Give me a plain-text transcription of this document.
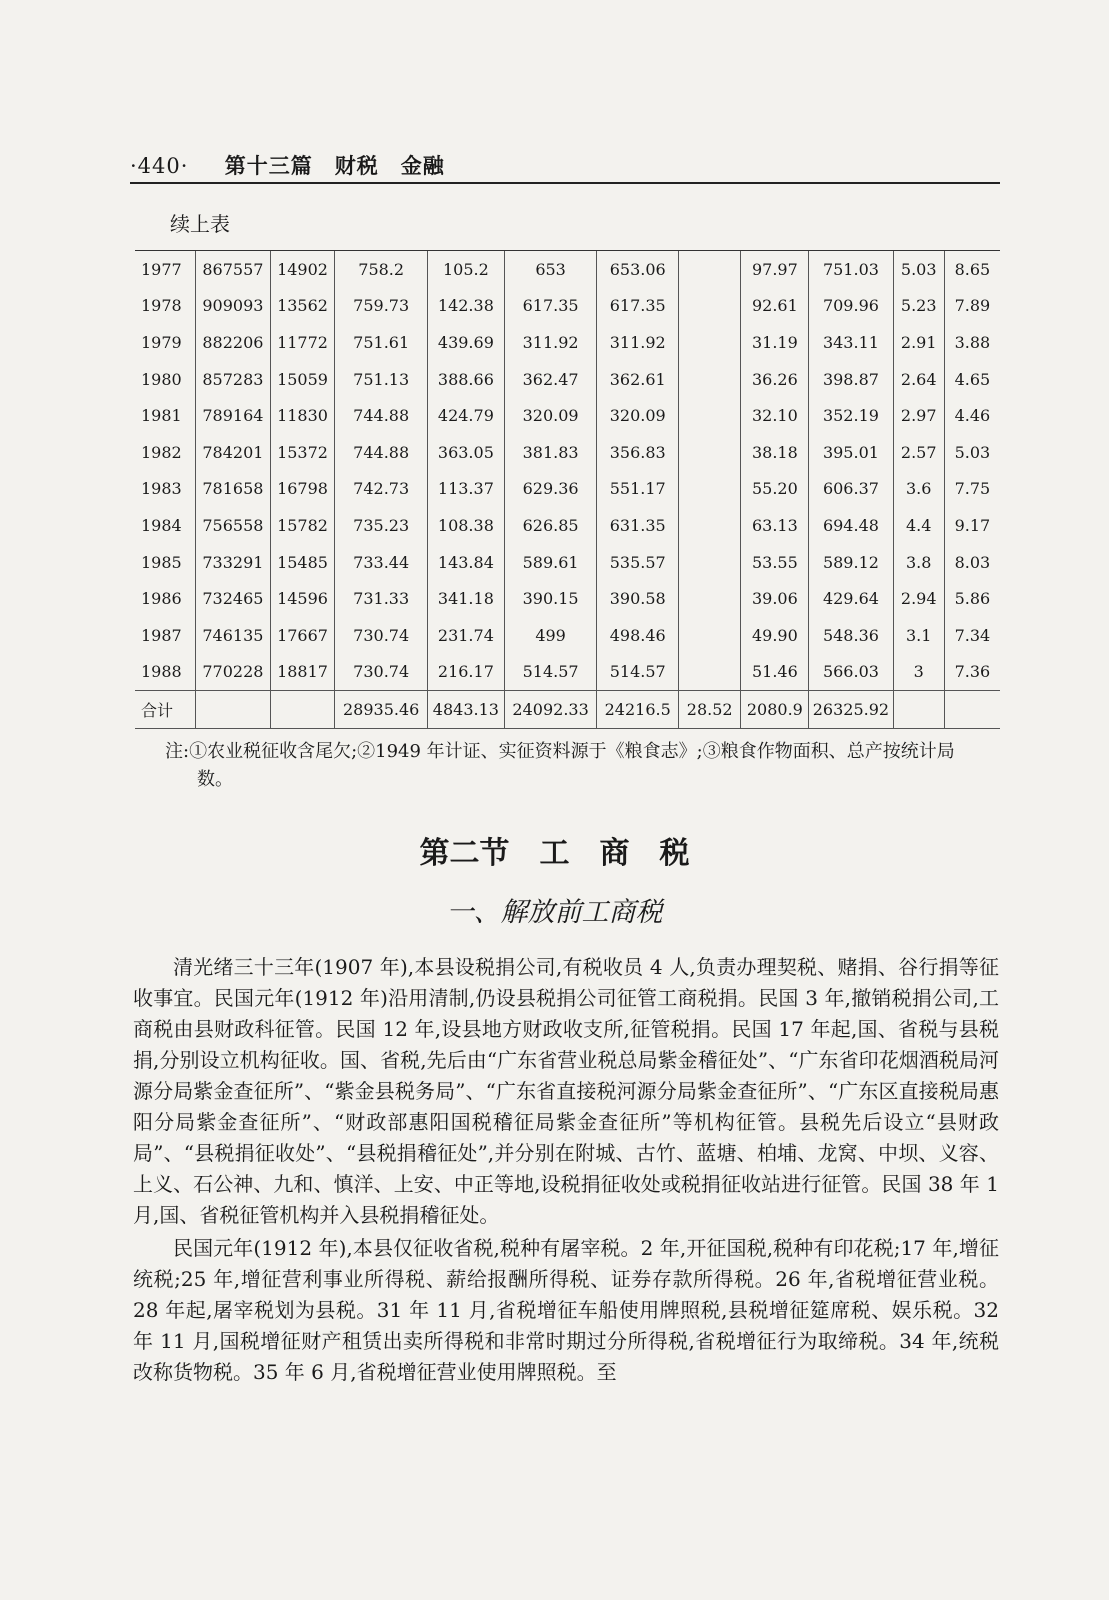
·440· 第十三篇　财税　金融
续上表
1977	867557	14902	758.2	105.2	653	653.06		97.97	751.03	5.03	8.65
1978	909093	13562	759.73	142.38	617.35	617.35		92.61	709.96	5.23	7.89
1979	882206	11772	751.61	439.69	311.92	311.92		31.19	343.11	2.91	3.88
1980	857283	15059	751.13	388.66	362.47	362.61		36.26	398.87	2.64	4.65
1981	789164	11830	744.88	424.79	320.09	320.09		32.10	352.19	2.97	4.46
1982	784201	15372	744.88	363.05	381.83	356.83		38.18	395.01	2.57	5.03
1983	781658	16798	742.73	113.37	629.36	551.17		55.20	606.37	3.6	7.75
1984	756558	15782	735.23	108.38	626.85	631.35		63.13	694.48	4.4	9.17
1985	733291	15485	733.44	143.84	589.61	535.57		53.55	589.12	3.8	8.03
1986	732465	14596	731.33	341.18	390.15	390.58		39.06	429.64	2.94	5.86
1987	746135	17667	730.74	231.74	499	498.46		49.90	548.36	3.1	7.34
1988	770228	18817	730.74	216.17	514.57	514.57		51.46	566.03	3	7.36
合计			28935.46	4843.13	24092.33	24216.5	28.52	2080.9	26325.92		
注:①农业税征收含尾欠;②1949 年计证、实征资料源于《粮食志》;③粮食作物面积、总产按统计局
数。
第二节　工　商　税
一、解放前工商税

清光绪三十三年(1907 年),本县设税捐公司,有税收员 4 人,负责办理契税、赌捐、谷行捐等征收事宜。民国元年(1912 年)沿用清制,仍设县税捐公司征管工商税捐。民国 3 年,撤销税捐公司,工商税由县财政科征管。民国 12 年,设县地方财政收支所,征管税捐。民国 17 年起,国、省税与县税捐,分别设立机构征收。国、省税,先后由“广东省营业税总局紫金稽征处”、“广东省印花烟酒税局河源分局紫金查征所”、“紫金县税务局”、“广东省直接税河源分局紫金查征所”、“广东区直接税局惠阳分局紫金查征所”、“财政部惠阳国税稽征局紫金查征所”等机构征管。县税先后设立“县财政局”、“县税捐征收处”、“县税捐稽征处”,并分别在附城、古竹、蓝塘、柏埔、龙窝、中坝、义容、上义、石公神、九和、慎洋、上安、中正等地,设税捐征收处或税捐征收站进行征管。民国 38 年 1 月,国、省税征管机构并入县税捐稽征处。

民国元年(1912 年),本县仅征收省税,税种有屠宰税。2 年,开征国税,税种有印花税;17 年,增征统税;25 年,增征营利事业所得税、薪给报酬所得税、证券存款所得税。26 年,省税增征营业税。28 年起,屠宰税划为县税。31 年 11 月,省税增征车船使用牌照税,县税增征筵席税、娱乐税。32 年 11 月,国税增征财产租赁出卖所得税和非常时期过分所得税,省税增征行为取缔税。34 年,统税改称货物税。35 年 6 月,省税增征营业使用牌照税。至
